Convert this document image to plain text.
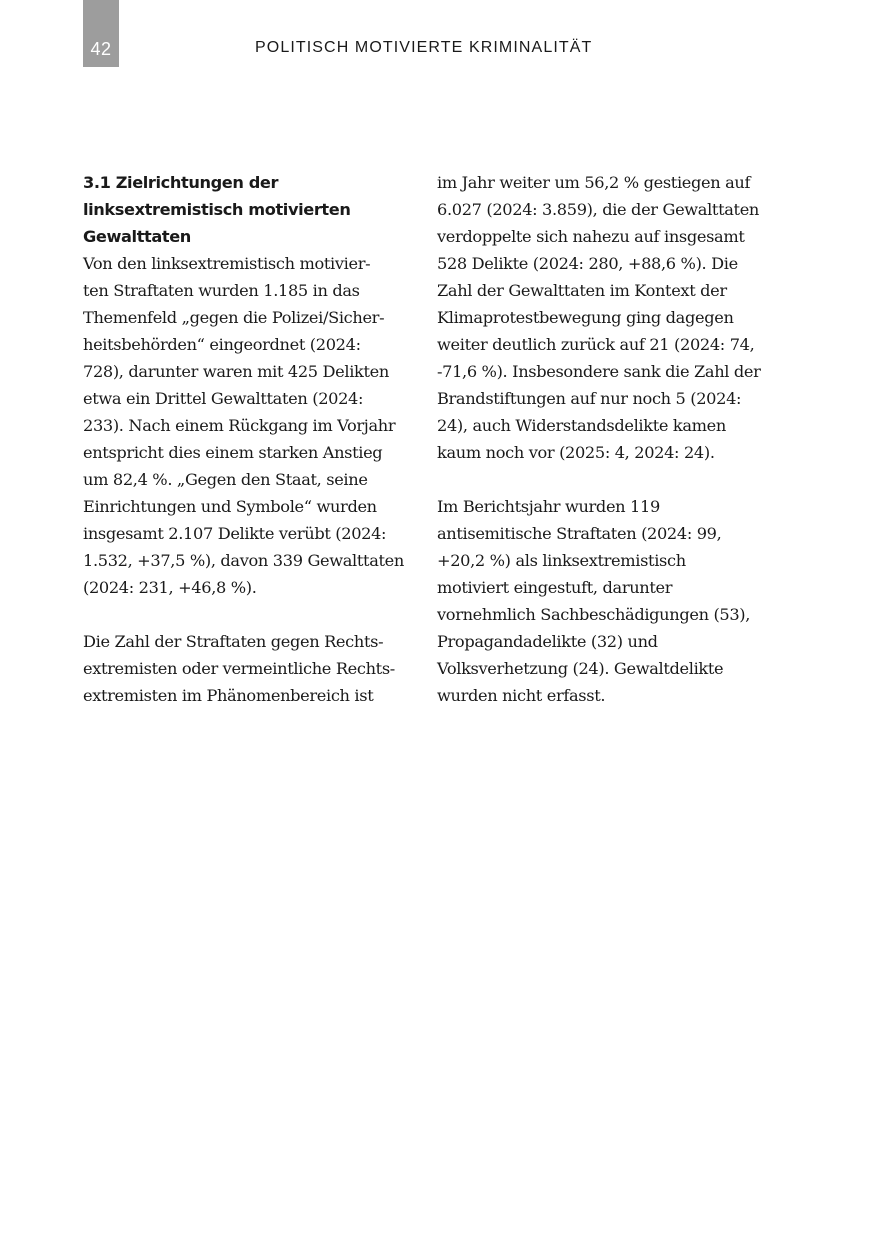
42	POLITISCH MOTIVIERTE KRIMINALITÄT
3.1 Zielrichtungen der
linksextremistisch motivierten
Gewalttaten
Von den linksextremistisch motivier-
ten Straftaten wurden 1.185 in das
Themenfeld „gegen die Polizei/Sicher-
heitsbehörden“ eingeordnet (2024:
728), darunter waren mit 425 Delikten
etwa ein Drittel Gewalttaten (2024:
233). Nach einem Rückgang im Vorjahr
entspricht dies einem starken Anstieg
um 82,4 %. „Gegen den Staat, seine
Einrichtungen und Symbole“ wurden
insgesamt 2.107 Delikte verübt (2024:
1.532, +37,5 %), davon 339 Gewalttaten
(2024: 231, +46,8 %).
Die Zahl der Straftaten gegen Rechts-
extremisten oder vermeintliche Rechts-
extremisten im Phänomenbereich ist
im Jahr weiter um 56,2 % gestiegen auf
6.027 (2024: 3.859), die der Gewalttaten
verdoppelte sich nahezu auf insgesamt
528 Delikte (2024: 280, +88,6 %). Die
Zahl der Gewalttaten im Kontext der
Klimaprotestbewegung ging dagegen
weiter deutlich zurück auf 21 (2024: 74,
-71,6 %). Insbesondere sank die Zahl der
Brandstiftungen auf nur noch 5 (2024:
24), auch Widerstandsdelikte kamen
kaum noch vor (2025: 4, 2024: 24).
Im Berichtsjahr wurden 119
antisemitische Straftaten (2024: 99,
+20,2 %) als linksextremistisch
motiviert eingestuft, darunter
vornehmlich Sachbeschädigungen (53),
Propagandadelikte (32) und
Volksverhetzung (24). Gewaltdelikte
wurden nicht erfasst.
